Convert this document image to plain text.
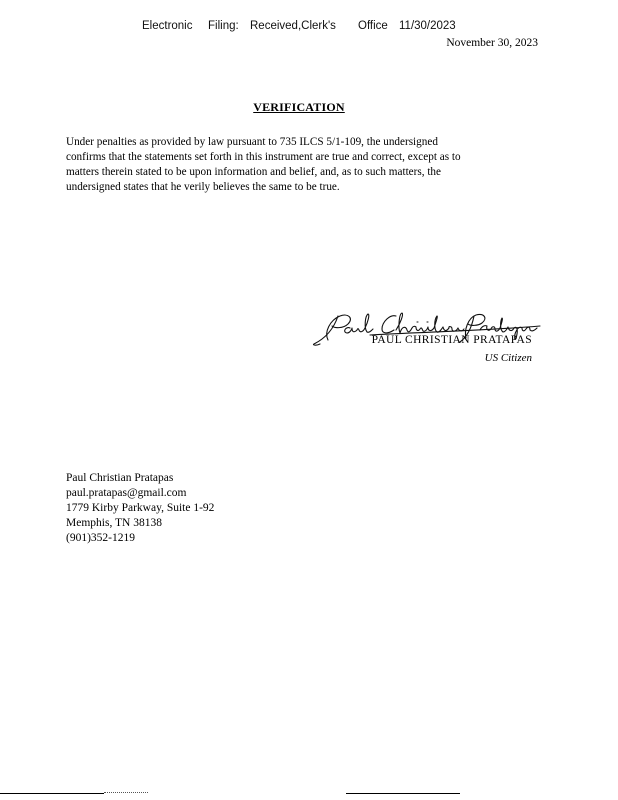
Electronic Filing: Received,Clerk's Office 11/30/2023
November 30, 2023
VERIFICATION
Under penalties as provided by law pursuant to 735 ILCS 5/1-109, the undersigned
confirms that the statements set forth in this instrument are true and correct, except as to
matters therein stated to be upon information and belief, and, as to such matters, the
undersigned states that he verily believes the same to be true.
PAUL CHRISTIAN PRATAPAS
US Citizen
Paul Christian Pratapas
paul.pratapas@gmail.com
1779 Kirby Parkway, Suite 1-92
Memphis, TN 38138
(901)352-1219
